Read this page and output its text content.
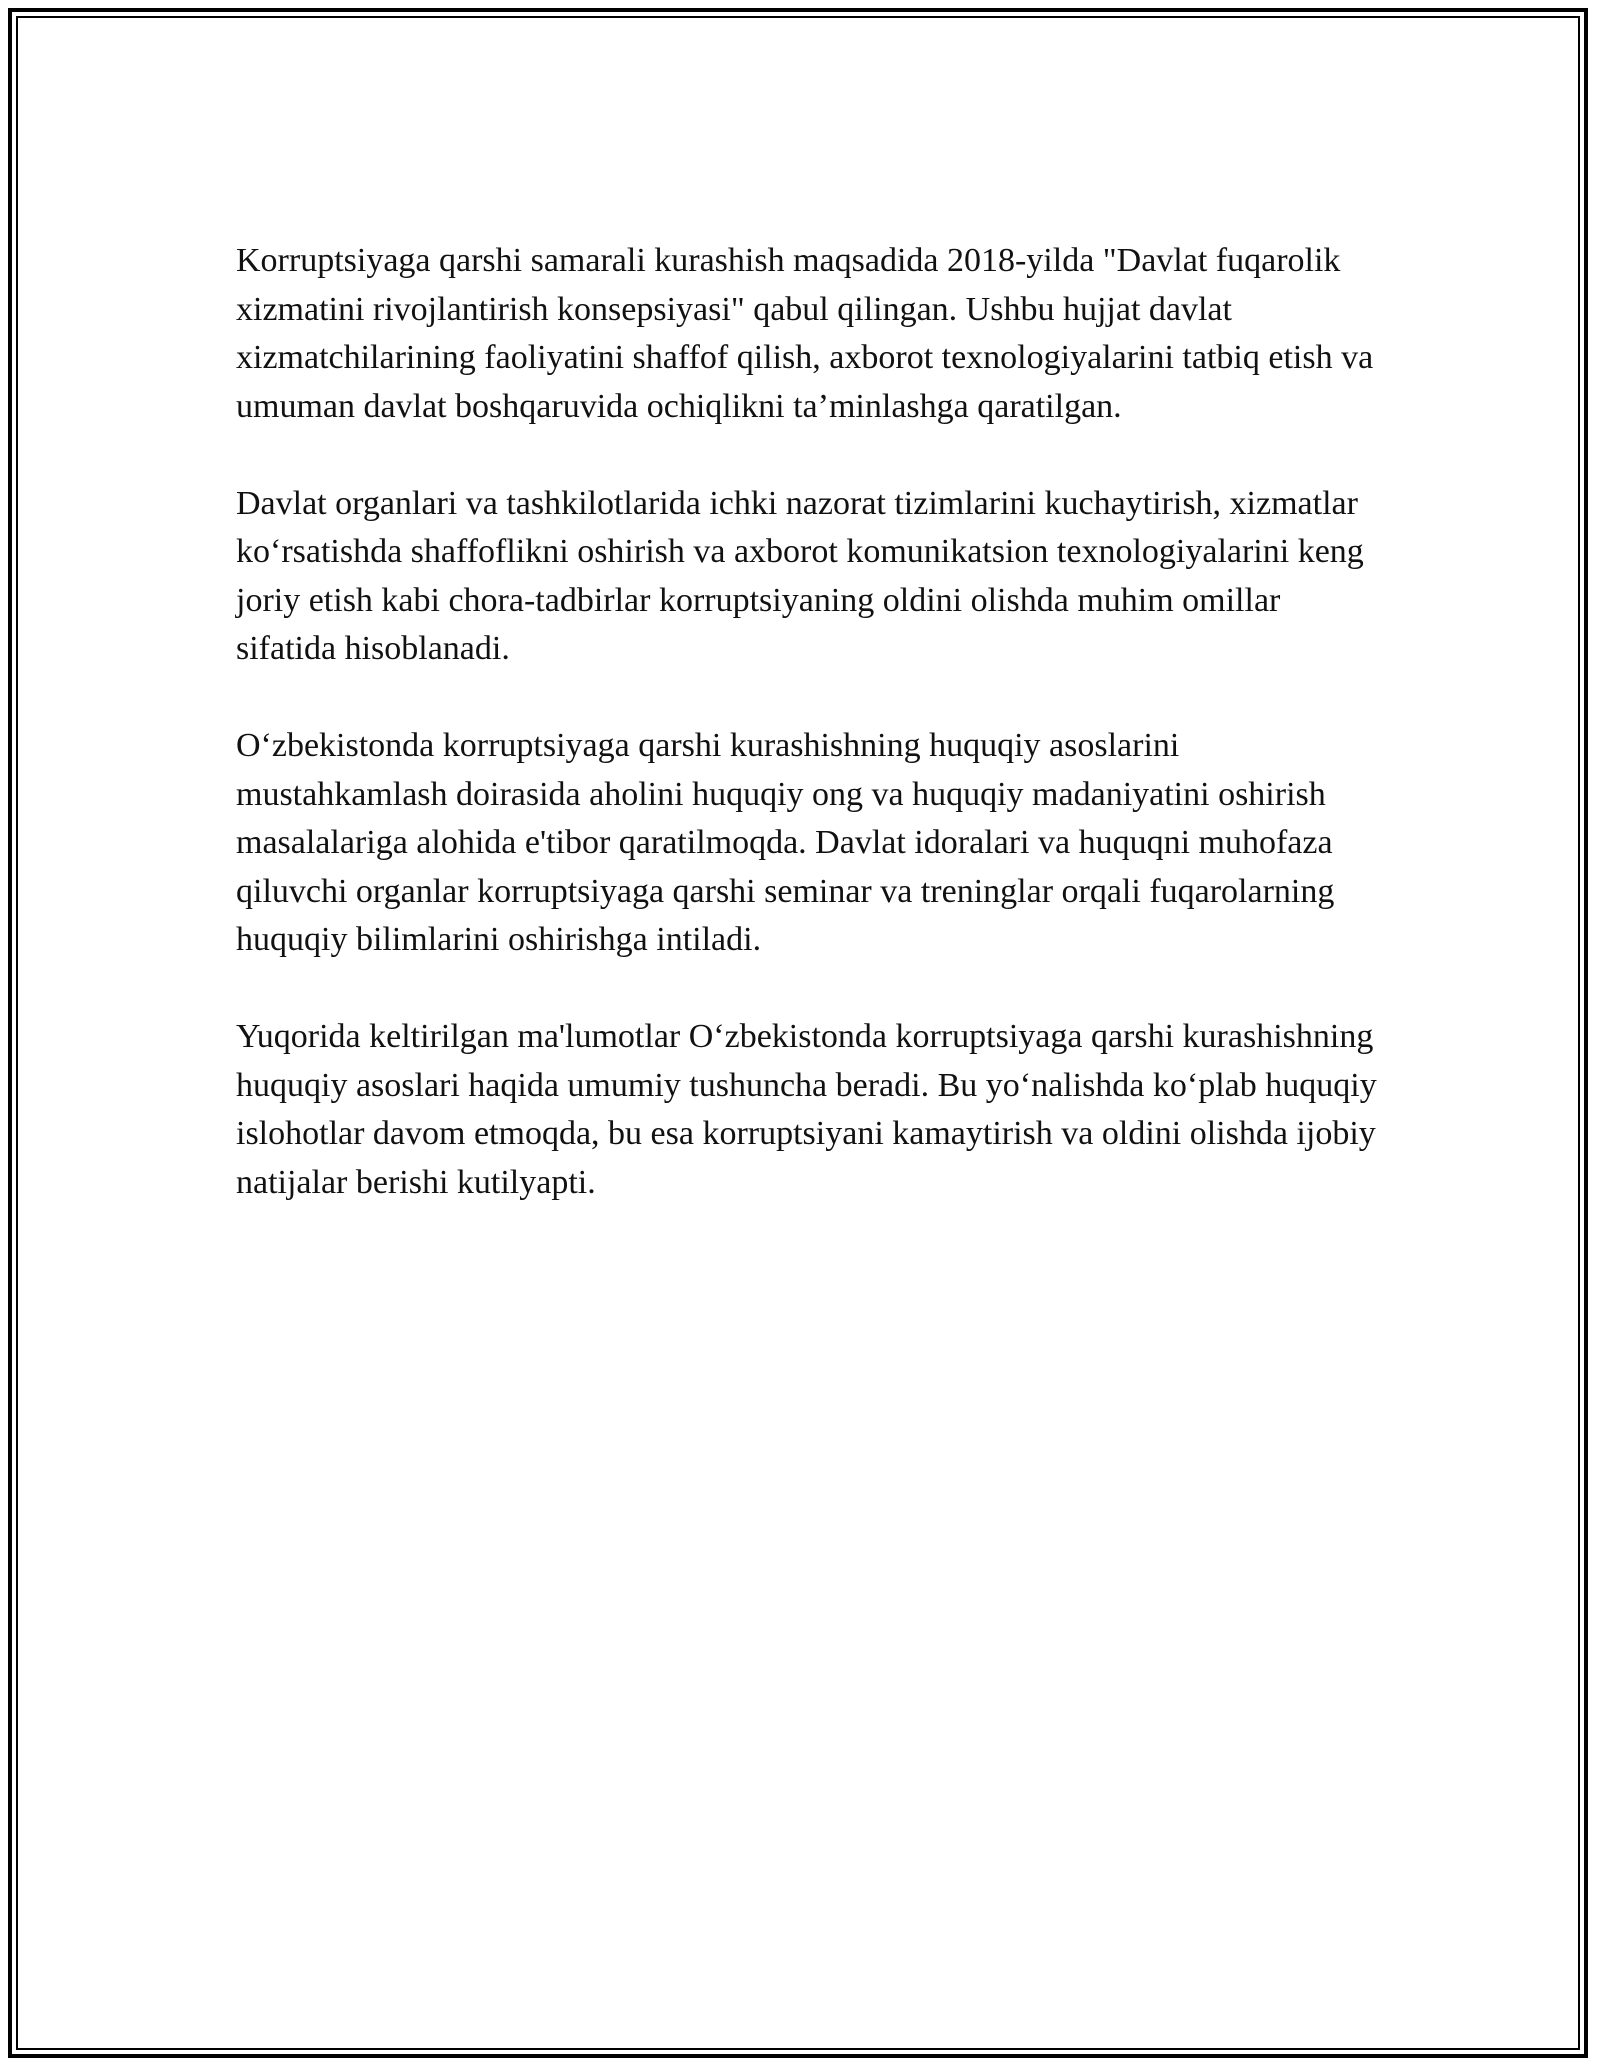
Korruptsiyaga qarshi samarali kurashish maqsadida 2018-yilda "Davlat fuqarolik xizmatini rivojlantirish konsepsiyasi" qabul qilingan. Ushbu hujjat davlat xizmatchilarining faoliyatini shaffof qilish, axborot texnologiyalarini tatbiq etish va umuman davlat boshqaruvida ochiqlikni ta’minlashga qaratilgan.

Davlat organlari va tashkilotlarida ichki nazorat tizimlarini kuchaytirish, xizmatlar ko‘rsatishda shaffoflikni oshirish va axborot komunikatsion texnologiyalarini keng joriy etish kabi chora-tadbirlar korruptsiyaning oldini olishda muhim omillar sifatida hisoblanadi.

O‘zbekistonda korruptsiyaga qarshi kurashishning huquqiy asoslarini mustahkamlash doirasida aholini huquqiy ong va huquqiy madaniyatini oshirish masalalariga alohida e'tibor qaratilmoqda. Davlat idoralari va huquqni muhofaza qiluvchi organlar korruptsiyaga qarshi seminar va treninglar orqali fuqarolarning huquqiy bilimlarini oshirishga intiladi.

Yuqorida keltirilgan ma'lumotlar O‘zbekistonda korruptsiyaga qarshi kurashishning huquqiy asoslari haqida umumiy tushuncha beradi. Bu yo‘nalishda ko‘plab huquqiy islohotlar davom etmoqda, bu esa korruptsiyani kamaytirish va oldini olishda ijobiy natijalar berishi kutilyapti.
